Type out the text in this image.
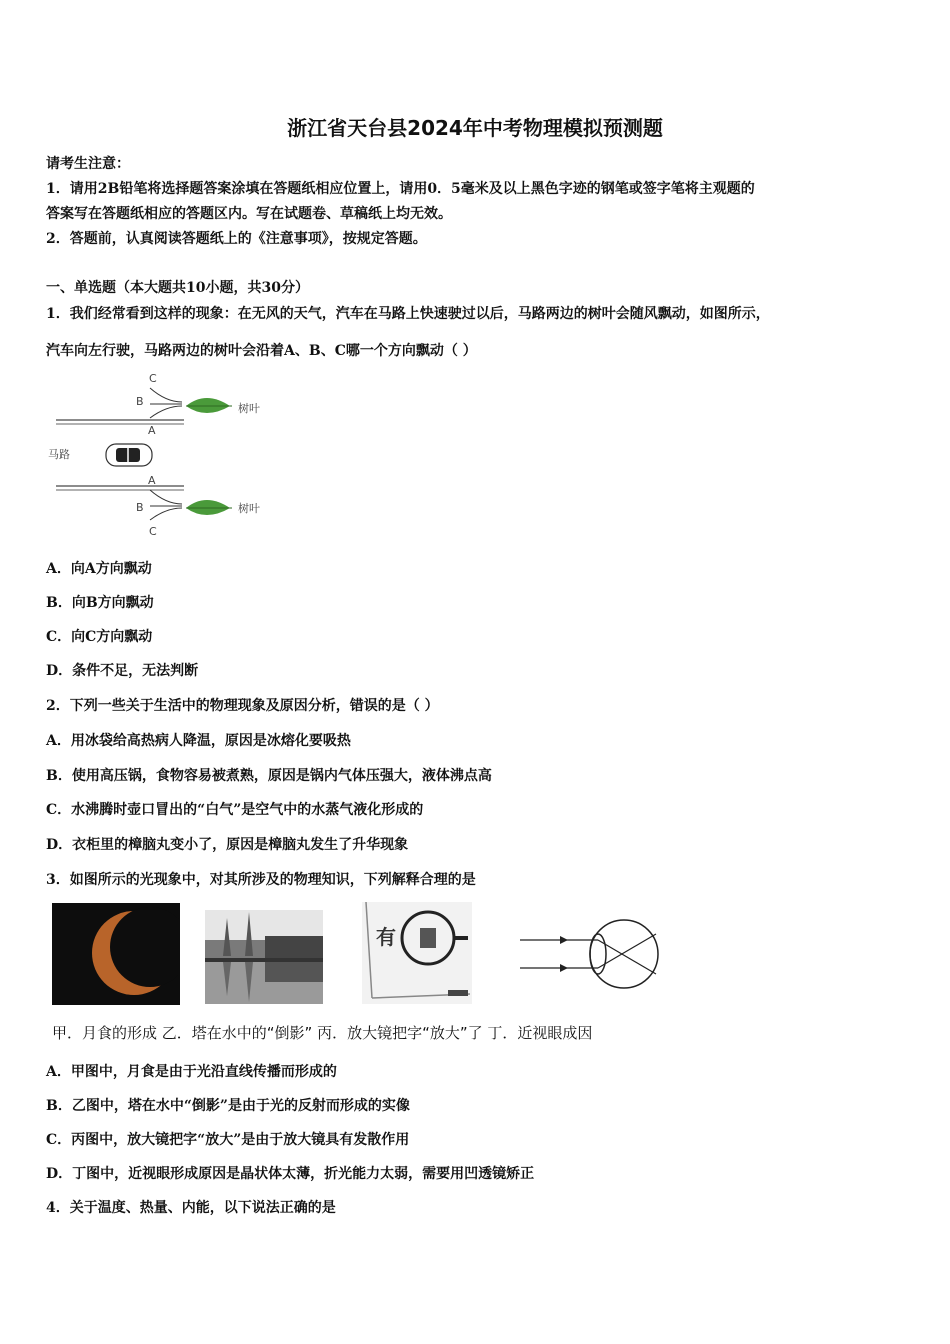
浙江省天台县2024年中考物理模拟预测题
请考生注意：
1．请用2B铅笔将选择题答案涂填在答题纸相应位置上，请用0．5毫米及以上黑色字迹的钢笔或签字笔将主观题的
答案写在答题纸相应的答题区内。写在试题卷、草稿纸上均无效。
2．答题前，认真阅读答题纸上的《注意事项》，按规定答题。
一、单选题（本大题共10小题，共30分）
1．我们经常看到这样的现象：在无风的天气，汽车在马路上快速驶过以后，马路两边的树叶会随风飘动，如图所示，
汽车向左行驶，马路两边的树叶会沿着A、B、C哪一个方向飘动（ ）
C
B
A
树叶
马路
A
B
C
树叶
A．向A方向飘动
B．向B方向飘动
C．向C方向飘动
D．条件不足，无法判断
2．下列一些关于生活中的物理现象及原因分析，错误的是（ ）
A．用冰袋给高热病人降温，原因是冰熔化要吸热
B．使用高压锅，食物容易被煮熟，原因是锅内气体压强大，液体沸点高
C．水沸腾时壶口冒出的“白气”是空气中的水蒸气液化形成的
D．衣柜里的樟脑丸变小了，原因是樟脑丸发生了升华现象
3．如图所示的光现象中，对其所涉及的物理知识，下列解释合理的是
有
甲．月食的形成 乙．塔在水中的“倒影” 丙．放大镜把字“放大”了 丁．近视眼成因
A．甲图中，月食是由于光沿直线传播而形成的
B．乙图中，塔在水中“倒影”是由于光的反射而形成的实像
C．丙图中，放大镜把字“放大”是由于放大镜具有发散作用
D．丁图中，近视眼形成原因是晶状体太薄，折光能力太弱，需要用凹透镜矫正
4．关于温度、热量、内能，以下说法正确的是
